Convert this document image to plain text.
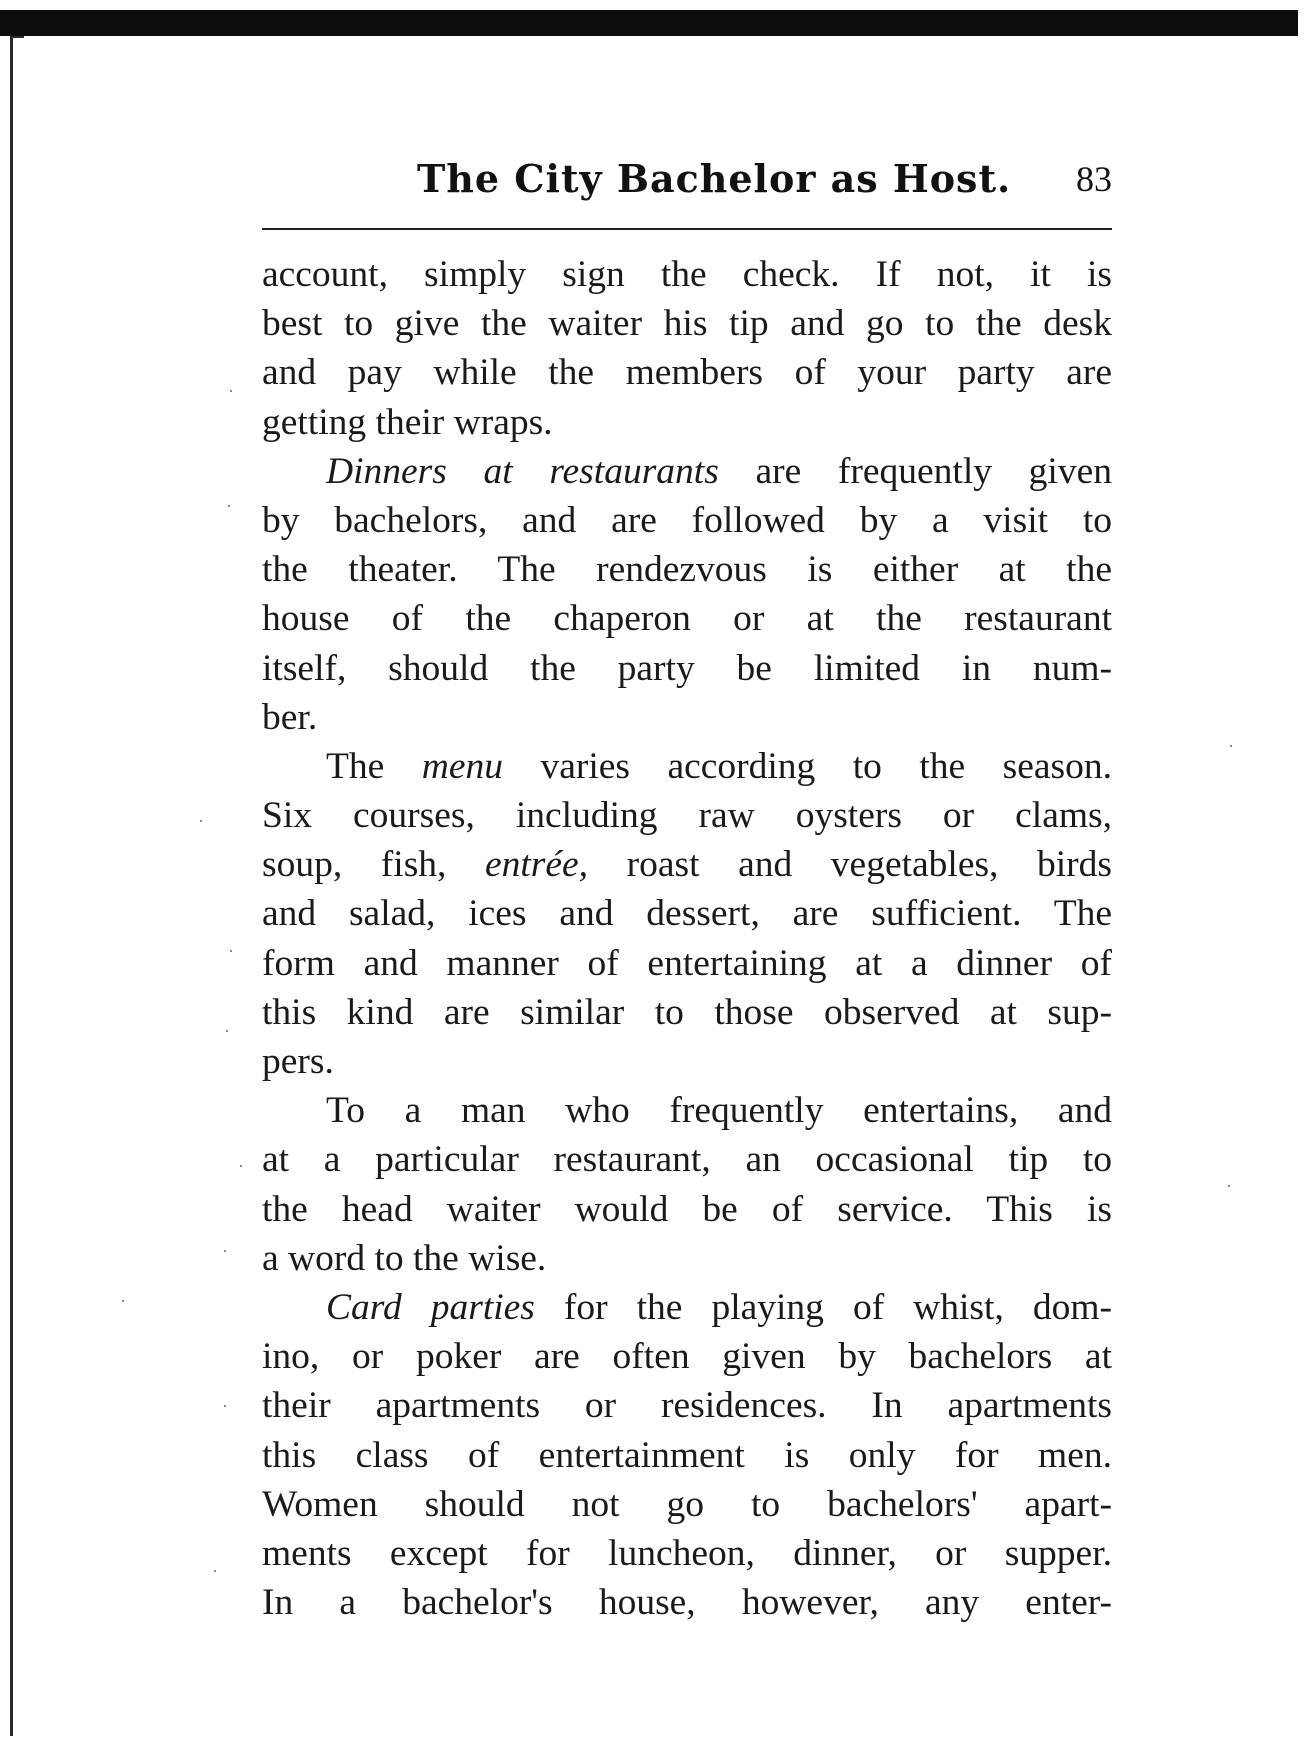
The City Bachelor as Host. 83
account, simply sign the check. If not, it is
best to give the waiter his tip and go to the desk
and pay while the members of your party are
getting their wraps.
Dinners at restaurants are frequently given
by bachelors, and are followed by a visit to
the theater. The rendezvous is either at the
house of the chaperon or at the restaurant
itself, should the party be limited in num-
ber.
The menu varies according to the season.
Six courses, including raw oysters or clams,
soup, fish, entrée, roast and vegetables, birds
and salad, ices and dessert, are sufficient. The
form and manner of entertaining at a dinner of
this kind are similar to those observed at sup-
pers.
To a man who frequently entertains, and
at a particular restaurant, an occasional tip to
the head waiter would be of service. This is
a word to the wise.
Card parties for the playing of whist, dom-
ino, or poker are often given by bachelors at
their apartments or residences. In apartments
this class of entertainment is only for men.
Women should not go to bachelors' apart-
ments except for luncheon, dinner, or supper.
In a bachelor's house, however, any enter-
